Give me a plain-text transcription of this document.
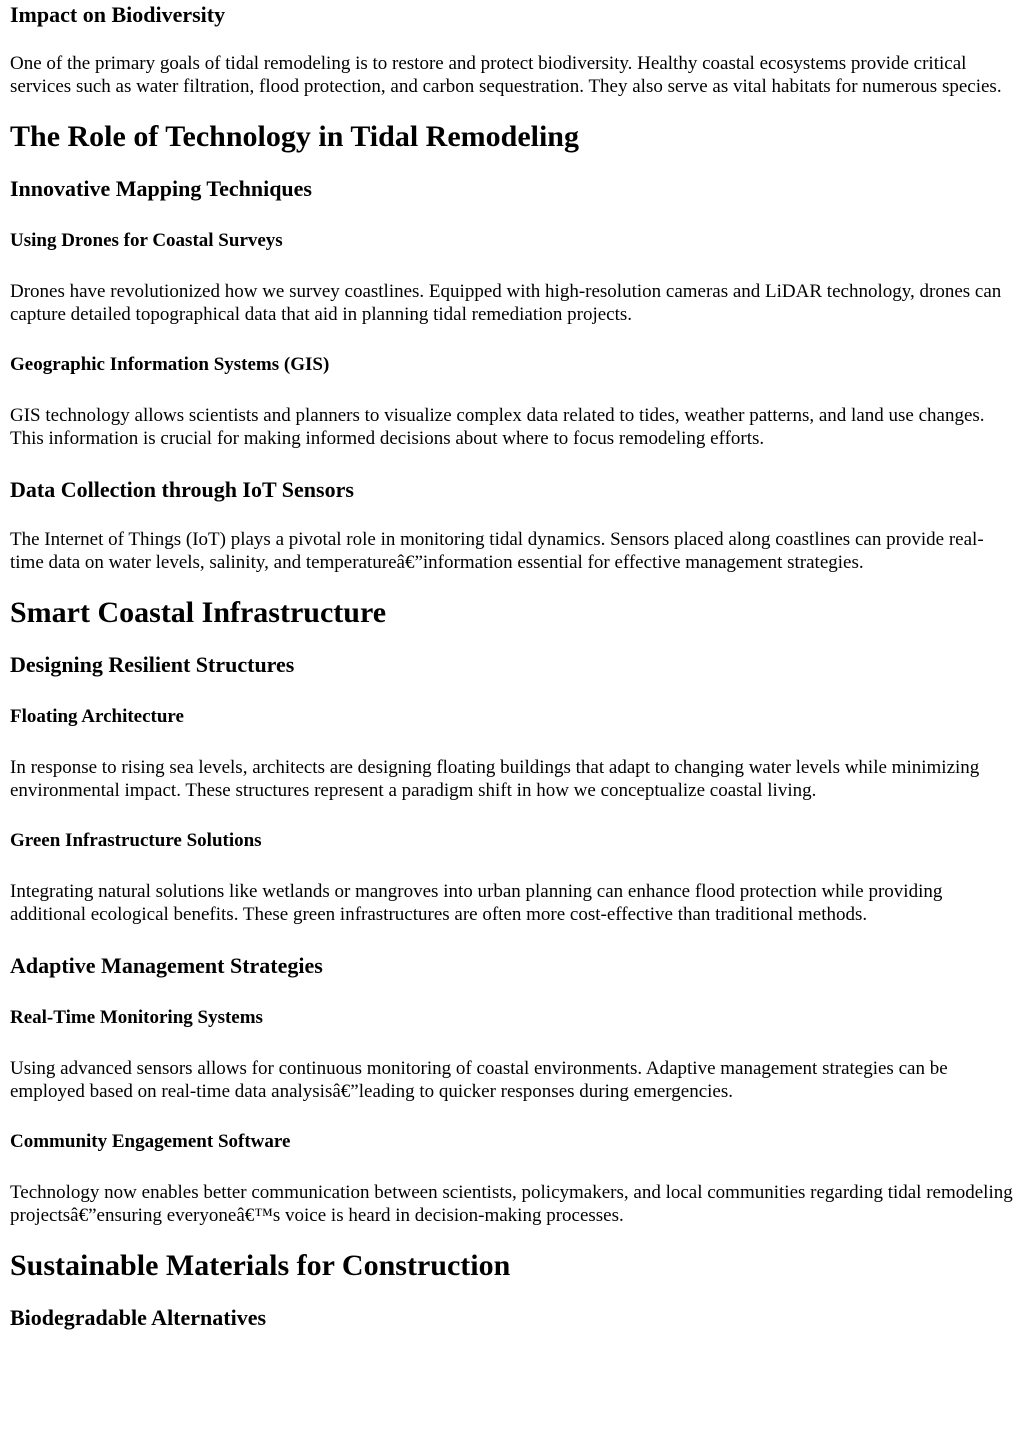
Impact on Biodiversity

One of the primary goals of tidal remodeling is to restore and protect biodiversity. Healthy coastal ecosystems provide critical services such as water filtration, flood protection, and carbon sequestration. They also serve as vital habitats for numerous species.

The Role of Technology in Tidal Remodeling
Innovative Mapping Techniques
Using Drones for Coastal Surveys

Drones have revolutionized how we survey coastlines. Equipped with high-resolution cameras and LiDAR technology, drones can capture detailed topographical data that aid in planning tidal remediation projects.

Geographic Information Systems (GIS)

GIS technology allows scientists and planners to visualize complex data related to tides, weather patterns, and land use changes. This information is crucial for making informed decisions about where to focus remodeling efforts.

Data Collection through IoT Sensors

The Internet of Things (IoT) plays a pivotal role in monitoring tidal dynamics. Sensors placed along coastlines can provide real-time data on water levels, salinity, and temperatureâ€”information essential for effective management strategies.

Smart Coastal Infrastructure
Designing Resilient Structures
Floating Architecture

In response to rising sea levels, architects are designing floating buildings that adapt to changing water levels while minimizing environmental impact. These structures represent a paradigm shift in how we conceptualize coastal living.

Green Infrastructure Solutions

Integrating natural solutions like wetlands or mangroves into urban planning can enhance flood protection while providing additional ecological benefits. These green infrastructures are often more cost-effective than traditional methods.

Adaptive Management Strategies
Real-Time Monitoring Systems

Using advanced sensors allows for continuous monitoring of coastal environments. Adaptive management strategies can be employed based on real-time data analysisâ€”leading to quicker responses during emergencies.

Community Engagement Software

Technology now enables better communication between scientists, policymakers, and local communities regarding tidal remodeling projectsâ€”ensuring everyoneâ€™s voice is heard in decision-making processes.

Sustainable Materials for Construction
Biodegradable Alternatives
